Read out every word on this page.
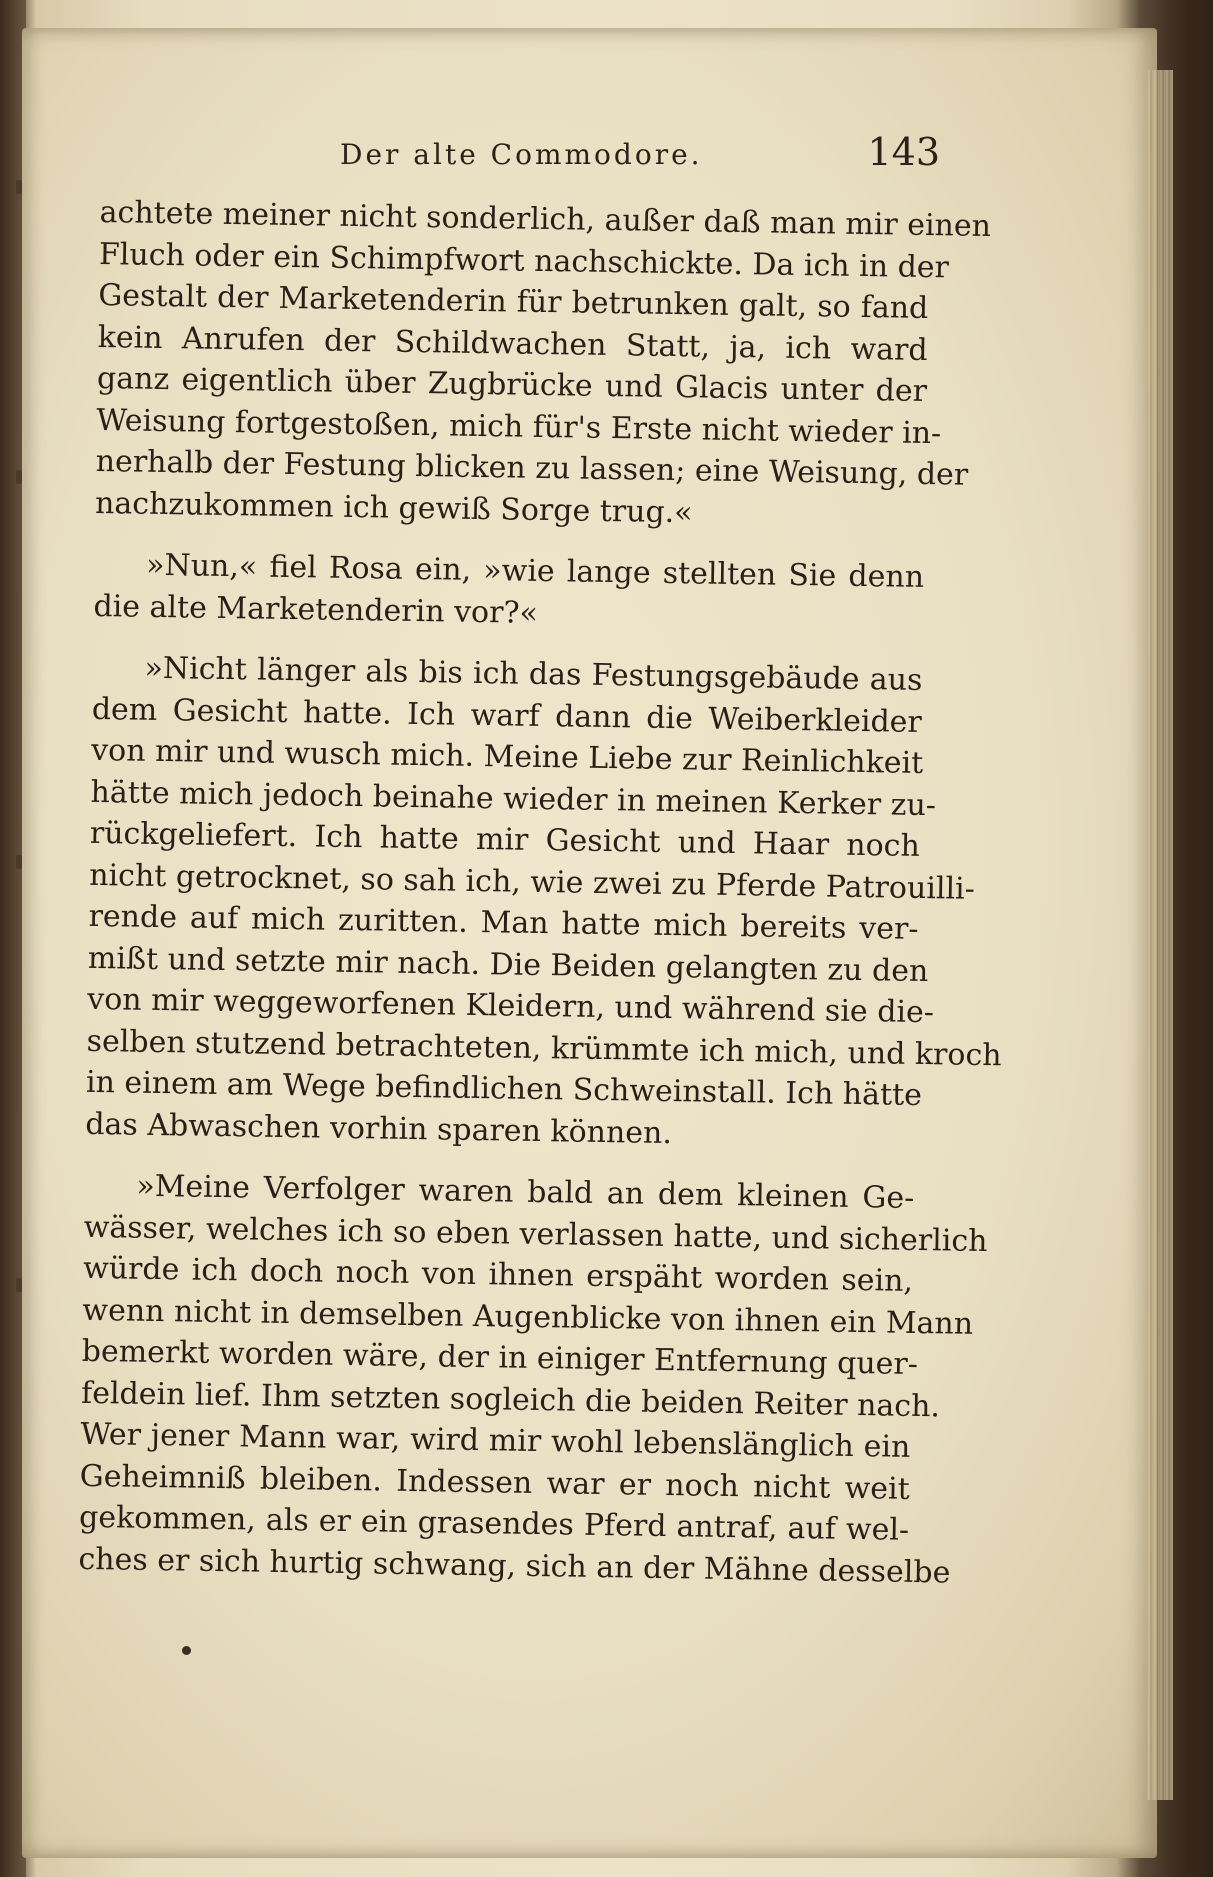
Der alte Commodore.	143
achtete meiner nicht sonderlich, außer daß man mir einen
Fluch oder ein Schimpfwort nachschickte. Da ich in der
Gestalt der Marketenderin für betrunken galt, so fand
kein Anrufen der Schildwachen Statt, ja, ich ward
ganz eigentlich über Zugbrücke und Glacis unter der
Weisung fortgestoßen, mich für's Erste nicht wieder in-
nerhalb der Festung blicken zu lassen; eine Weisung, der
nachzukommen ich gewiß Sorge trug.«
»Nun,« fiel Rosa ein, »wie lange stellten Sie denn
die alte Marketenderin vor?«
»Nicht länger als bis ich das Festungsgebäude aus
dem Gesicht hatte. Ich warf dann die Weiberkleider
von mir und wusch mich. Meine Liebe zur Reinlichkeit
hätte mich jedoch beinahe wieder in meinen Kerker zu-
rückgeliefert. Ich hatte mir Gesicht und Haar noch
nicht getrocknet, so sah ich, wie zwei zu Pferde Patrouilli-
rende auf mich zuritten. Man hatte mich bereits ver-
mißt und setzte mir nach. Die Beiden gelangten zu den
von mir weggeworfenen Kleidern, und während sie die-
selben stutzend betrachteten, krümmte ich mich, und kroch
in einem am Wege befindlichen Schweinstall. Ich hätte
das Abwaschen vorhin sparen können.
»Meine Verfolger waren bald an dem kleinen Ge-
wässer, welches ich so eben verlassen hatte, und sicherlich
würde ich doch noch von ihnen erspäht worden sein,
wenn nicht in demselben Augenblicke von ihnen ein Mann
bemerkt worden wäre, der in einiger Entfernung quer-
feldein lief. Ihm setzten sogleich die beiden Reiter nach.
Wer jener Mann war, wird mir wohl lebenslänglich ein
Geheimniß bleiben. Indessen war er noch nicht weit
gekommen, als er ein grasendes Pferd antraf, auf wel-
ches er sich hurtig schwang, sich an der Mähne desselbe
